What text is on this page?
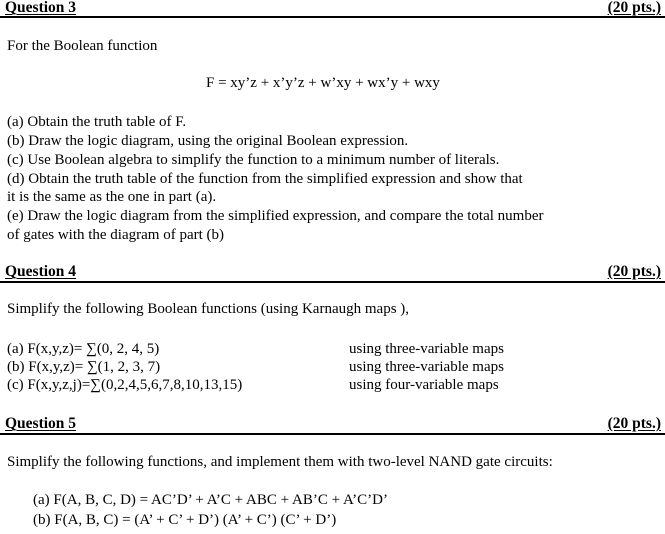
Question 3	(20 pts.)
For the Boolean function
F = xy’z + x’y’z + w’xy + wx’y + wxy
(a) Obtain the truth table of F.
(b) Draw the logic diagram, using the original Boolean expression.
(c) Use Boolean algebra to simplify the function to a minimum number of literals.
(d) Obtain the truth table of the function from the simplified expression and show that
it is the same as the one in part (a).
(e) Draw the logic diagram from the simplified expression, and compare the total number
of gates with the diagram of part (b)
Question 4	(20 pts.)
Simplify the following Boolean functions (using Karnaugh maps ),
(a) F(x,y,z)= ∑(0, 2, 4, 5)	using three-variable maps
(b) F(x,y,z)= ∑(1, 2, 3, 7)	using three-variable maps
(c) F(x,y,z,j)=∑(0,2,4,5,6,7,8,10,13,15)	using four-variable maps
Question 5	(20 pts.)
Simplify the following functions, and implement them with two-level NAND gate circuits:
(a) F(A, B, C, D) = AC’D’ + A’C + ABC + AB’C + A’C’D’
(b) F(A, B, C) = (A’ + C’ + D’) (A’ + C’) (C’ + D’)
